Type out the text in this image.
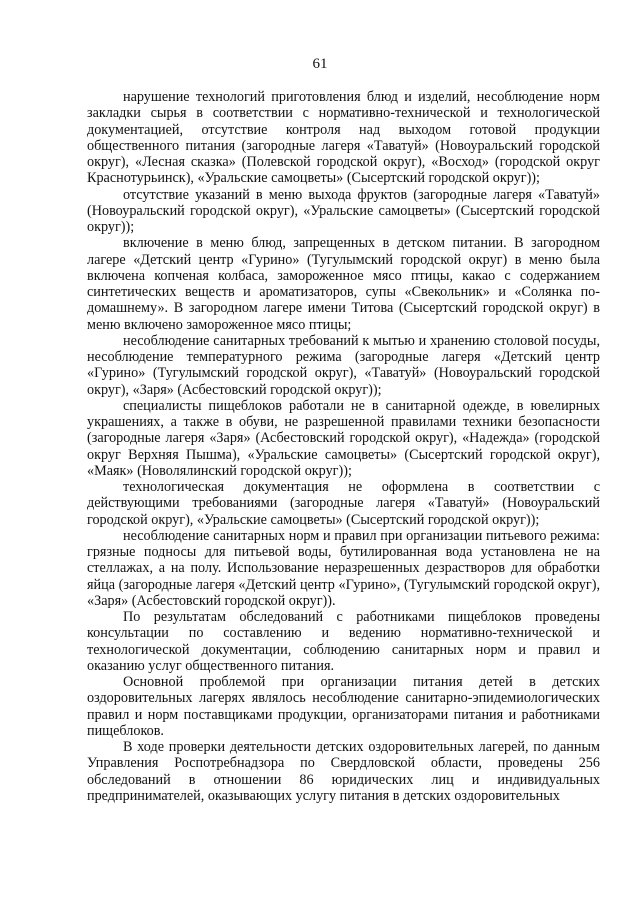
61

нарушение технологий приготовления блюд и изделий, несоблюдение норм закладки сырья в соответствии с нормативно-технической и технологической документацией, отсутствие контроля над выходом готовой продукции общественного питания (загородные лагеря «Таватуй» (Новоуральский городской округ), «Лесная сказка» (Полевской городской округ), «Восход» (городской округ Краснотурьинск), «Уральские самоцветы» (Сысертский городской округ));

отсутствие указаний в меню выхода фруктов (загородные лагеря «Таватуй» (Новоуральский городской округ), «Уральские самоцветы» (Сысертский городской округ));

включение в меню блюд, запрещенных в детском питании. В загородном лагере «Детский центр «Гурино» (Тугулымский городской округ) в меню была включена копченая колбаса, замороженное мясо птицы, какао с содержанием синтетических веществ и ароматизаторов, супы «Свекольник» и «Солянка по-домашнему». В загородном лагере имени Титова (Сысертский городской округ) в меню включено замороженное мясо птицы;

несоблюдение санитарных требований к мытью и хранению столовой посуды, несоблюдение температурного режима (загородные лагеря «Детский центр «Гурино» (Тугулымский городской округ), «Таватуй» (Новоуральский городской округ), «Заря» (Асбестовский городской округ));

специалисты пищеблоков работали не в санитарной одежде, в ювелирных украшениях, а также в обуви, не разрешенной правилами техники безопасности (загородные лагеря «Заря» (Асбестовский городской округ), «Надежда» (городской округ Верхняя Пышма), «Уральские самоцветы» (Сысертский городской округ), «Маяк» (Новолялинский городской округ));

технологическая документация не оформлена в соответствии с действующими требованиями (загородные лагеря «Таватуй» (Новоуральский городской округ), «Уральские самоцветы» (Сысертский городской округ));

несоблюдение санитарных норм и правил при организации питьевого режима: грязные подносы для питьевой воды, бутилированная вода установлена не на стеллажах, а на полу. Использование неразрешенных дезрастворов для обработки яйца (загородные лагеря «Детский центр «Гурино», (Тугулымский городской округ), «Заря» (Асбестовский городской округ)).

По результатам обследований с работниками пищеблоков проведены консультации по составлению и ведению нормативно-технической и технологической документации, соблюдению санитарных норм и правил и оказанию услуг общественного питания.

Основной проблемой при организации питания детей в детских оздоровительных лагерях являлось несоблюдение санитарно-эпидемиологических правил и норм поставщиками продукции, организаторами питания и работниками пищеблоков.

В ходе проверки деятельности детских оздоровительных лагерей, по данным Управления Роспотребнадзора по Свердловской области, проведены 256 обследований в отношении 86 юридических лиц и индивидуальных предпринимателей, оказывающих услугу питания в детских оздоровительных
